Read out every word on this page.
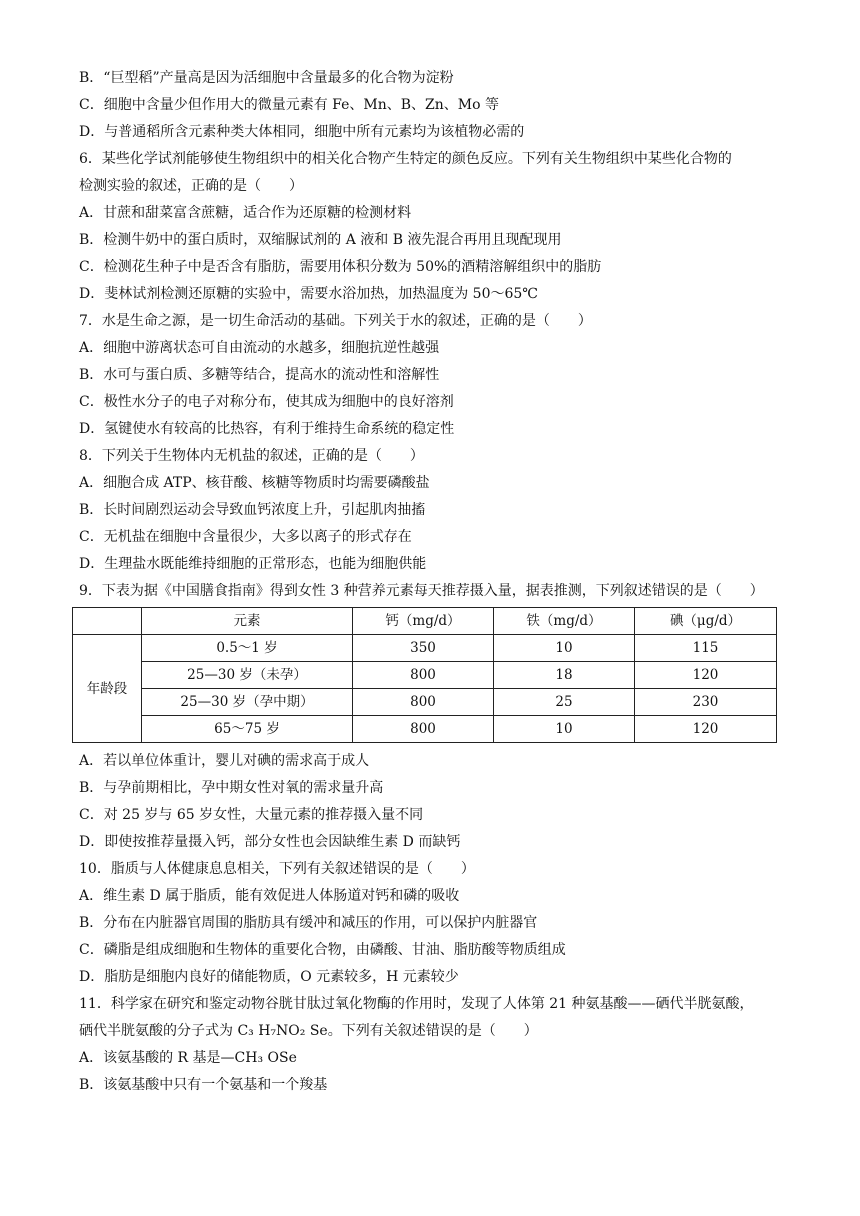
B．“巨型稻”产量高是因为活细胞中含量最多的化合物为淀粉
C．细胞中含量少但作用大的微量元素有 Fe、Mn、B、Zn、Mo 等
D．与普通稻所含元素种类大体相同，细胞中所有元素均为该植物必需的
6．某些化学试剂能够使生物组织中的相关化合物产生特定的颜色反应。下列有关生物组织中某些化合物的
检测实验的叙述，正确的是（　　）
A．甘蔗和甜菜富含蔗糖，适合作为还原糖的检测材料
B．检测牛奶中的蛋白质时，双缩脲试剂的 A 液和 B 液先混合再用且现配现用
C．检测花生种子中是否含有脂肪，需要用体积分数为 50%的酒精溶解组织中的脂肪
D．斐林试剂检测还原糖的实验中，需要水浴加热，加热温度为 50～65℃
7．水是生命之源，是一切生命活动的基础。下列关于水的叙述，正确的是（　　）
A．细胞中游离状态可自由流动的水越多，细胞抗逆性越强
B．水可与蛋白质、多糖等结合，提高水的流动性和溶解性
C．极性水分子的电子对称分布，使其成为细胞中的良好溶剂
D．氢键使水有较高的比热容，有利于维持生命系统的稳定性
8．下列关于生物体内无机盐的叙述，正确的是（　　）
A．细胞合成 ATP、核苷酸、核糖等物质时均需要磷酸盐
B．长时间剧烈运动会导致血钙浓度上升，引起肌肉抽搐
C．无机盐在细胞中含量很少，大多以离子的形式存在
D．生理盐水既能维持细胞的正常形态，也能为细胞供能
9．下表为据《中国膳食指南》得到女性 3 种营养元素每天推荐摄入量，据表推测，下列叙述错误的是（　　）
	元素	钙（mg/d）	铁（mg/d）	碘（μg/d）
年龄段	0.5～1 岁	350	10	115
	25—30 岁（未孕）	800	18	120
	25—30 岁（孕中期）	800	25	230
	65～75 岁	800	10	120
A．若以单位体重计，婴儿对碘的需求高于成人
B．与孕前期相比，孕中期女性对氧的需求量升高
C．对 25 岁与 65 岁女性，大量元素的推荐摄入量不同
D．即使按推荐量摄入钙，部分女性也会因缺维生素 D 而缺钙
10．脂质与人体健康息息相关，下列有关叙述错误的是（　　）
A．维生素 D 属于脂质，能有效促进人体肠道对钙和磷的吸收
B．分布在内脏器官周围的脂肪具有缓冲和减压的作用，可以保护内脏器官
C．磷脂是组成细胞和生物体的重要化合物，由磷酸、甘油、脂肪酸等物质组成
D．脂肪是细胞内良好的储能物质，O 元素较多，H 元素较少
11．科学家在研究和鉴定动物谷胱甘肽过氧化物酶的作用时，发现了人体第 21 种氨基酸——硒代半胱氨酸，
硒代半胱氨酸的分子式为 C₃ H₇NO₂ Se。下列有关叙述错误的是（　　）
A．该氨基酸的 R 基是—CH₃ OSe
B．该氨基酸中只有一个氨基和一个羧基
